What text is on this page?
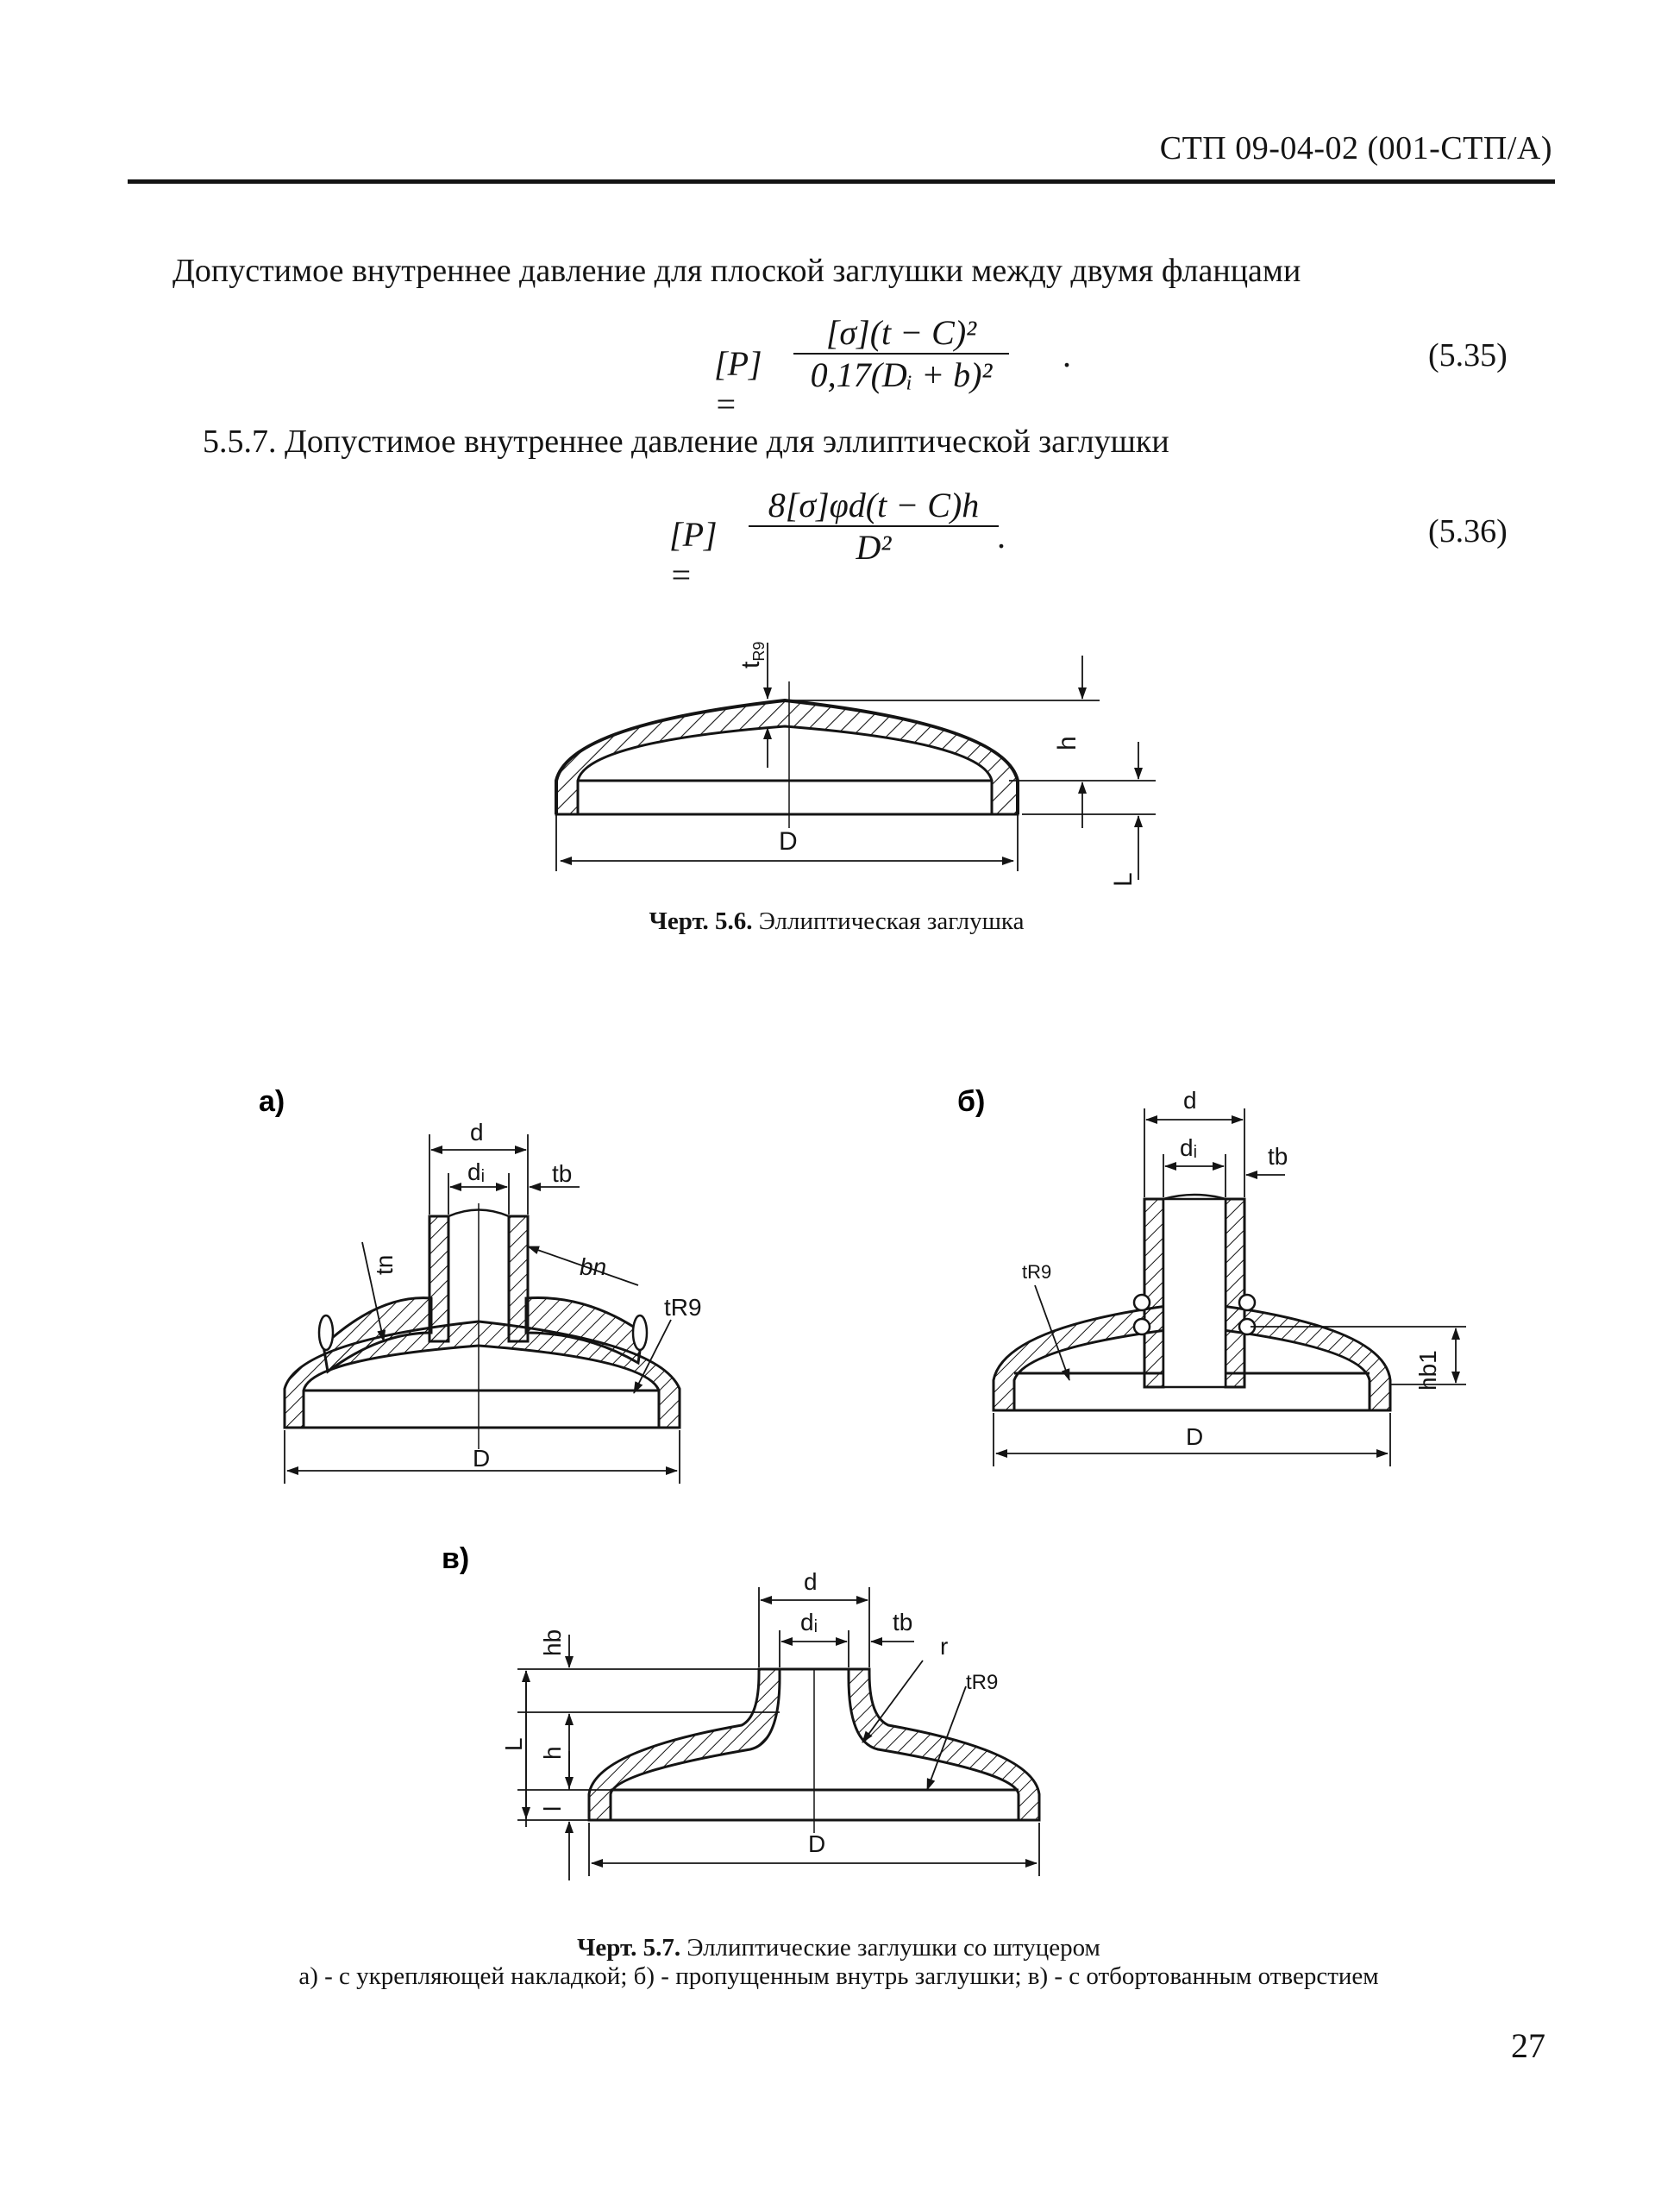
СТП 09-04-02 (001-СТП/А)
Допустимое внутреннее давление для плоской заглушки между двумя фланцами
[P] =
[σ](t − C)²
0,17(Dᵢ + b)²
.	(5.35)
5.5.7. Допустимое внутреннее давление для эллиптической заглушки
[P] =
8[σ]φd(t − C)h
D²	.	(5.36)
$t_{R9}$
h
D
L
Черт. 5.6. Эллиптическая заглушка
а)
d
dᵢ	tb
bn
tR9
tn
D
б)	d
dᵢ	tb
tR9
hb1
D
в)
d
dᵢ	tb
r
tR9
hb
L
h
l
D
Черт. 5.7. Эллиптические заглушки со штуцером
а) - с укрепляющей накладкой; б) - пропущенным внутрь заглушки; в) - с отбортованным отверстием
27
